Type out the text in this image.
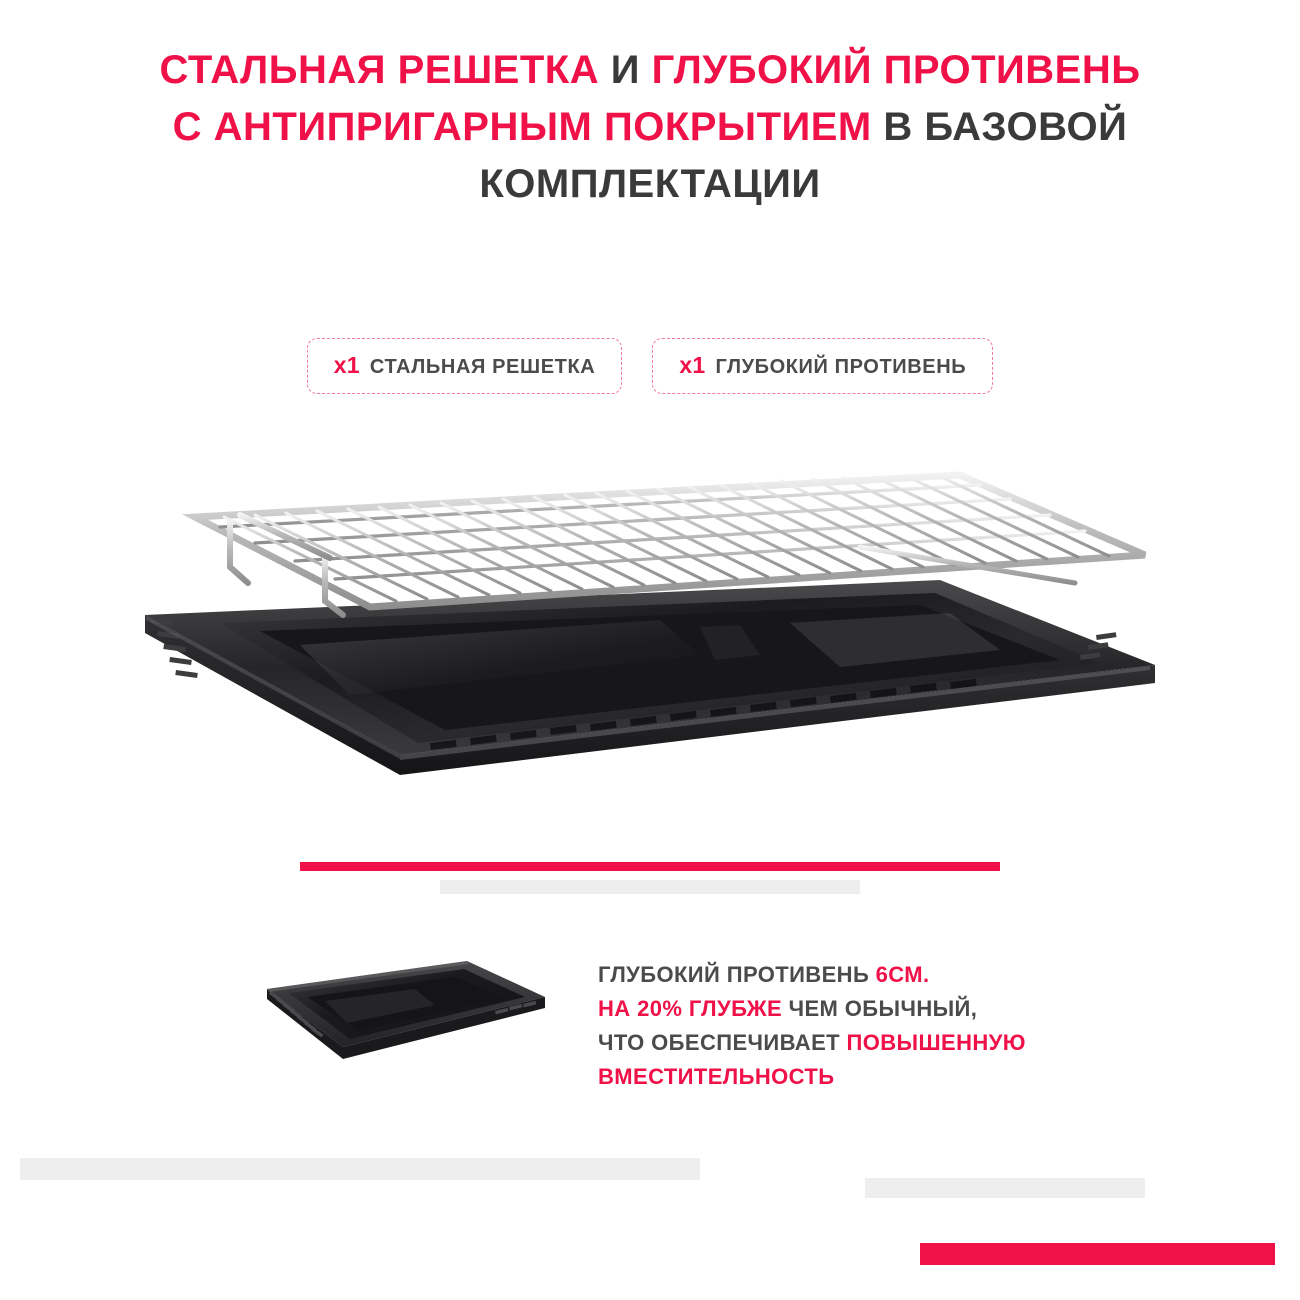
СТАЛЬНАЯ РЕШЕТКА И ГЛУБОКИЙ ПРОТИВЕНЬ С АНТИПРИГАРНЫМ ПОКРЫТИЕМ В БАЗОВОЙ КОМПЛЕКТАЦИИ
x1 СТАЛЬНАЯ РЕШЕТКА	x1 ГЛУБОКИЙ ПРОТИВЕНЬ
ГЛУБОКИЙ ПРОТИВЕНЬ 6СМ.
НА 20% ГЛУБЖЕ ЧЕМ ОБЫЧНЫЙ,
ЧТО ОБЕСПЕЧИВАЕТ ПОВЫШЕННУЮ ВМЕСТИТЕЛЬНОСТЬ
